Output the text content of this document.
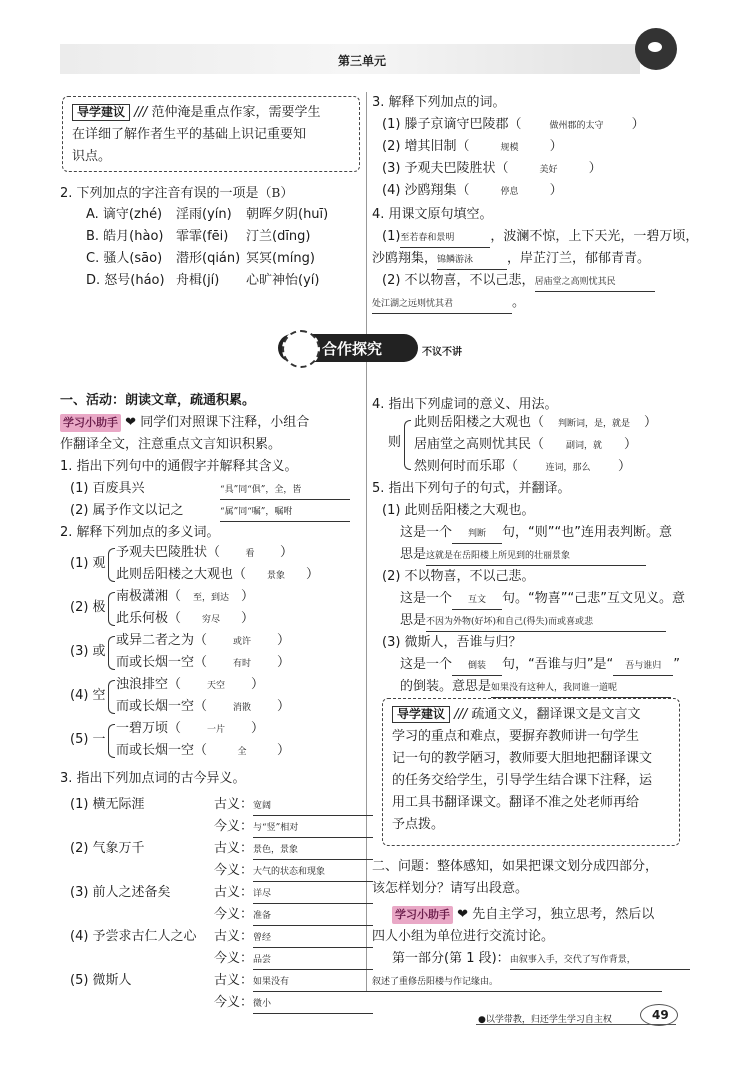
第三单元
导学建议 /// 范仲淹是重点作家，需要学生
在详细了解作者生平的基础上识记重要知
识点。
2. 下列加点的字注音有误的一项是（B）
A. 谪守(zhé) 淫雨(yín) 朝晖夕阴(huī)
B. 皓月(hào) 霏霏(fēi) 汀兰(dīng)
C. 骚人(sāo) 潜形(qián) 冥冥(míng)
D. 怒号(háo) 舟楫(jí) 心旷神怡(yí)
合作探究	不议不讲
一、活动：朗读文章，疏通积累。
学习小助手 ❤ 同学们对照课下注释，小组合
作翻译全文，注意重点文言知识积累。
1. 指出下列句中的通假字并解释其含义。
(1) 百废具兴	“具”同“俱”，全，皆
(2) 属予作文以记之	“属”同“嘱”，嘱咐
2. 解释下列加点的多义词。
(1) 观
予观夫巴陵胜状（	看 ）
此则岳阳楼之大观也（ 景象 ）
(2) 极
南极潇湘（ 至，到达 ）
此乐何极（ 穷尽 ）
(3) 或
或异二者之为（	或许 ）
而或长烟一空（	有时 ）
(4) 空
浊浪排空（	天空 ）
而或长烟一空（	消散 ）
(5) 一
一碧万顷（	一片 ）
而或长烟一空（	全 ）
3. 指出下列加点词的古今异义。
(1) 横无际涯	古义：宽阔
今义：与“竖”相对
(2) 气象万千	古义：景色，景象
今义：大气的状态和现象
(3) 前人之述备矣	古义：详尽
今义：准备
(4) 予尝求古仁人之心 古义：曾经
今义：品尝
(5) 微斯人	古义：如果没有
今义：微小
3. 解释下列加点的词。
(1) 滕子京谪守巴陵郡（	做州郡的太守 ）
(2) 增其旧制（	规模 ）
(3) 予观夫巴陵胜状（	美好 ）
(4) 沙鸥翔集（	停息 ）
4. 用课文原句填空。
(1)至若春和景明	，波澜不惊，上下天光，一碧万顷，
沙鸥翔集，锦鳞游泳	，岸芷汀兰，郁郁青青。
(2) 不以物喜，不以己悲，居庙堂之高则忧其民
处江湖之远则忧其君	。
4. 指出下列虚词的意义、用法。
则
此则岳阳楼之大观也（ 判断词，是，就是 ）
居庙堂之高则忧其民（ 副词，就 ）
然则何时而乐耶（	连词，那么 ）
5. 指出下列句子的句式，并翻译。
(1) 此则岳阳楼之大观也。
这是一个 判断 句，“则”“也”连用表判断。意
思是这就是在岳阳楼上所见到的壮丽景象
(2) 不以物喜，不以己悲。
这是一个 互文 句。“物喜”“己悲”互文见义。意
思是不因为外物(好坏)和自己(得失)而或喜或悲
(3) 微斯人，吾谁与归？
这是一个 倒装 句，“吾谁与归”是“ 吾与谁归 ”
的倒装。意思是如果没有这种人，我同谁一道呢
导学建议 /// 疏通文义，翻译课文是文言文
学习的重点和难点，要摒弃教师讲一句学生
记一句的教学陋习，教师要大胆地把翻译课文
的任务交给学生，引导学生结合课下注释，运
用工具书翻译课文。翻译不准之处老师再给
予点拨。
二、问题：整体感知，如果把课文划分成四部分，
该怎样划分？请写出段意。
学习小助手 ❤ 先自主学习，独立思考，然后以
四人小组为单位进行交流讨论。
第一部分(第 1 段)：由叙事入手，交代了写作背景，
叙述了重修岳阳楼与作记缘由。
●以学带教，归还学生学习自主权	49
